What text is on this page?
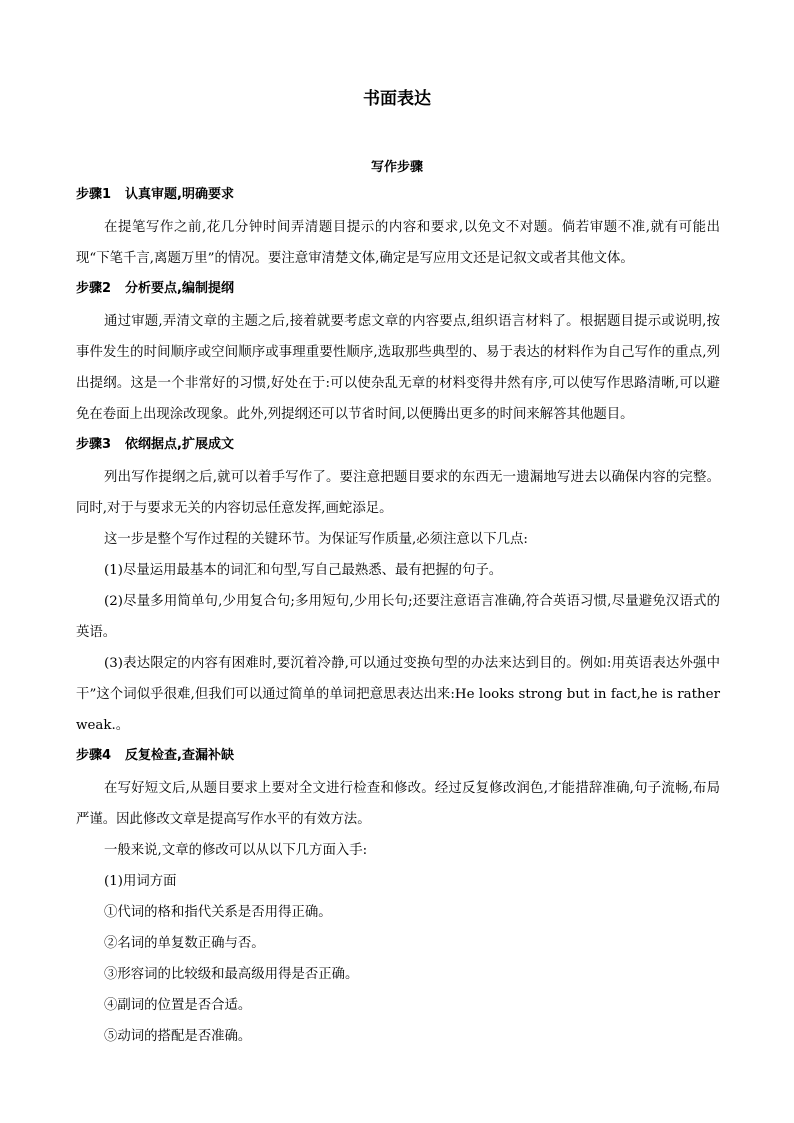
书面表达
写作步骤
步骤1 认真审题,明确要求

在提笔写作之前,花几分钟时间弄清题目提示的内容和要求,以免文不对题。倘若审题不准,就有可能出现“下笔千言,离题万里”的情况。要注意审清楚文体,确定是写应用文还是记叙文或者其他文体。

步骤2 分析要点,编制提纲

通过审题,弄清文章的主题之后,接着就要考虑文章的内容要点,组织语言材料了。根据题目提示或说明,按事件发生的时间顺序或空间顺序或事理重要性顺序,选取那些典型的、易于表达的材料作为自己写作的重点,列出提纲。这是一个非常好的习惯,好处在于:可以使杂乱无章的材料变得井然有序,可以使写作思路清晰,可以避免在卷面上出现涂改现象。此外,列提纲还可以节省时间,以便腾出更多的时间来解答其他题目。

步骤3 依纲据点,扩展成文

列出写作提纲之后,就可以着手写作了。要注意把题目要求的东西无一遗漏地写进去以确保内容的完整。同时,对于与要求无关的内容切忌任意发挥,画蛇添足。

这一步是整个写作过程的关键环节。为保证写作质量,必须注意以下几点:

(1)尽量运用最基本的词汇和句型,写自己最熟悉、最有把握的句子。

(2)尽量多用简单句,少用复合句;多用短句,少用长句;还要注意语言准确,符合英语习惯,尽量避免汉语式的英语。

(3)表达限定的内容有困难时,要沉着冷静,可以通过变换句型的办法来达到目的。例如:用英语表达外强中干”这个词似乎很难,但我们可以通过简单的单词把意思表达出来:He looks strong but in fact,he is rather weak.。

步骤4 反复检查,查漏补缺

在写好短文后,从题目要求上要对全文进行检查和修改。经过反复修改润色,才能措辞准确,句子流畅,布局严谨。因此修改文章是提高写作水平的有效方法。

一般来说,文章的修改可以从以下几方面入手:

(1)用词方面

①代词的格和指代关系是否用得正确。

②名词的单复数正确与否。

③形容词的比较级和最高级用得是否正确。

④副词的位置是否合适。

⑤动词的搭配是否准确。
